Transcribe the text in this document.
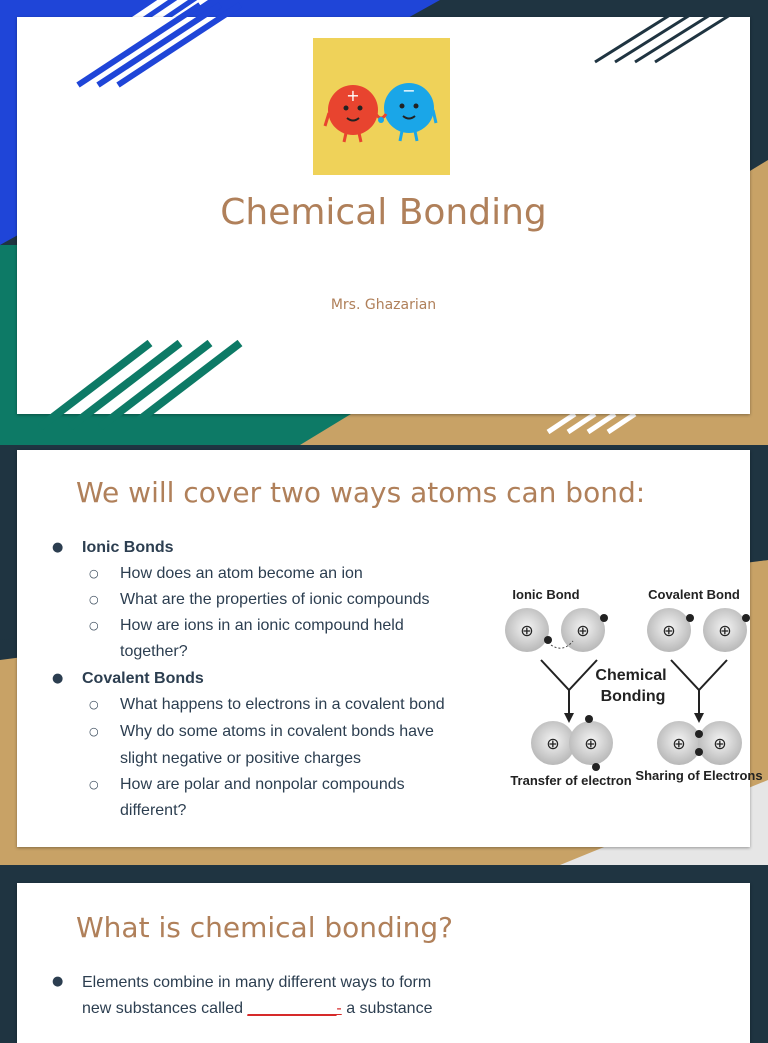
+	−
Chemical Bonding
Mrs. Ghazarian
We will cover two ways atoms can bond:
● Ionic Bonds
○ How does an atom become an ion
○ What are the properties of ionic compounds
○ How are ions in an ionic compound held
together?
● Covalent Bonds
○ What happens to electrons in a covalent bond
○ Why do some atoms in covalent bonds have
slight negative or positive charges
○ How are polar and nonpolar compounds
different?
Ionic Bond	Covalent Bond
⊕	⊕	⊕	⊕
Chemical
Bonding
⊕ ⊕	⊕ ⊕
Transfer of electron Sharing of Electrons
What is chemical bonding?
● Elements combine in many different ways to form
new substances called __________- a substance
